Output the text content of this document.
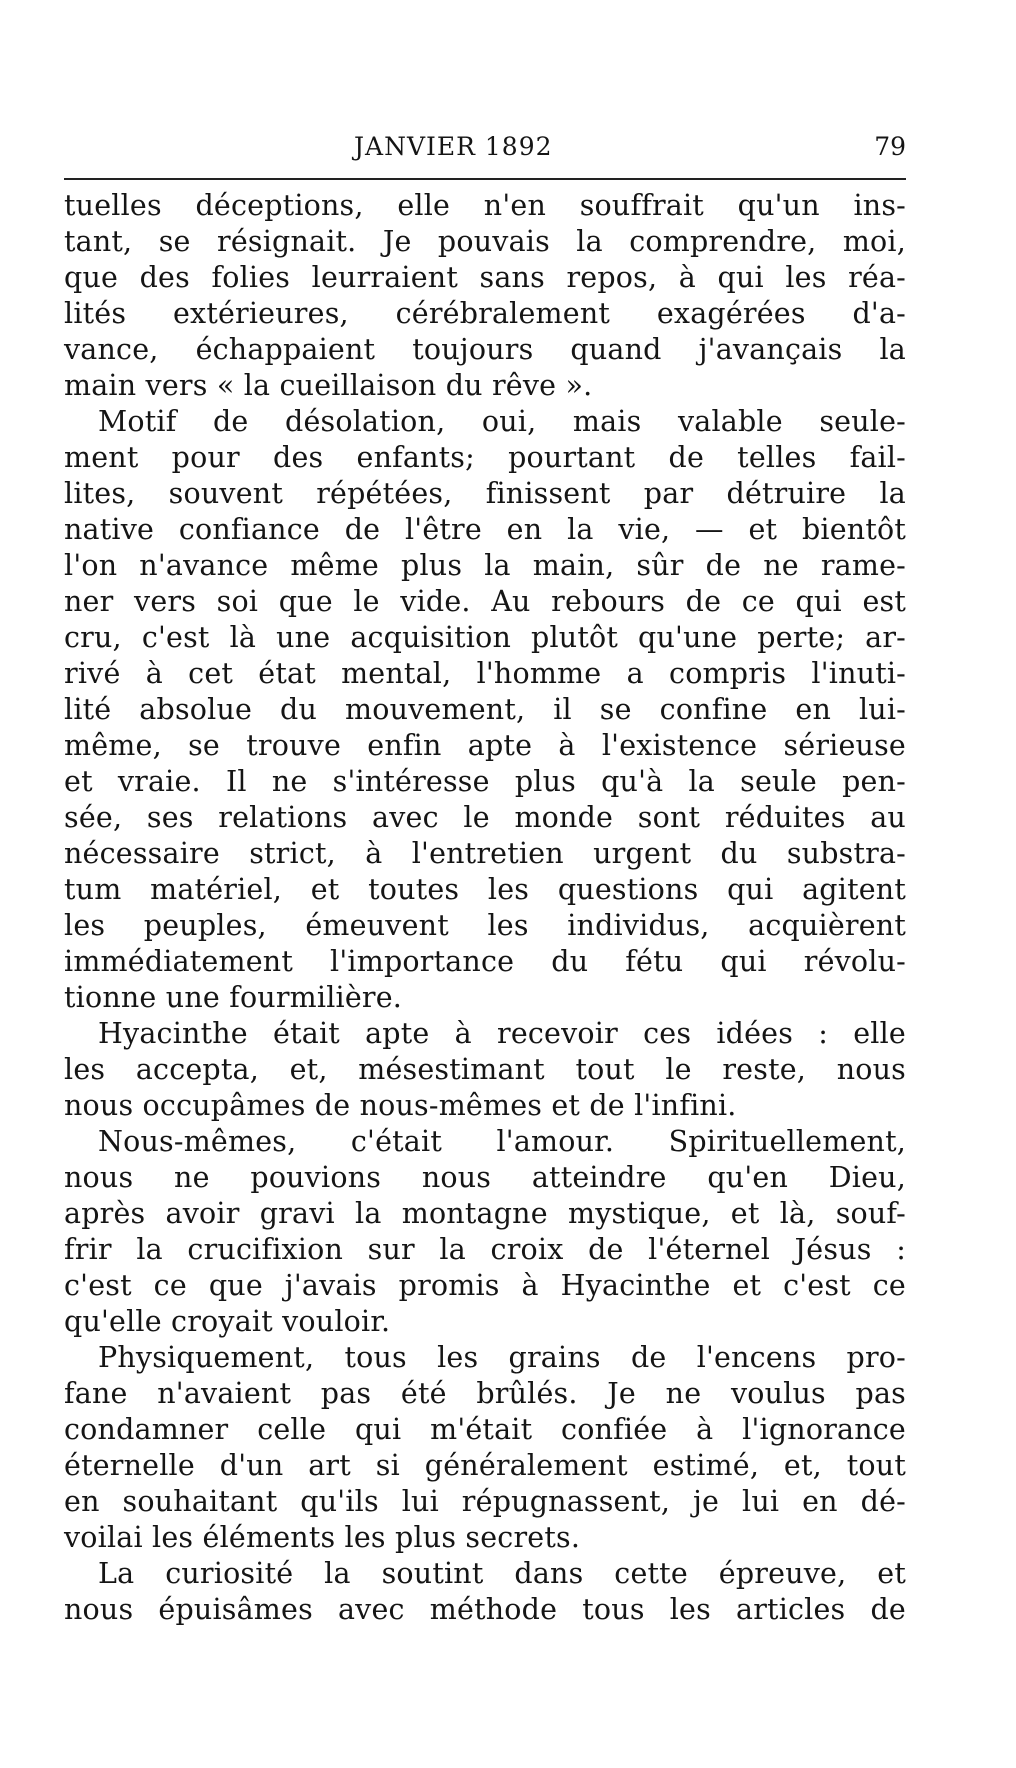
JANVIER 1892	79
tuelles déceptions, elle n'en souffrait qu'un ins-
tant, se résignait. Je pouvais la comprendre, moi,
que des folies leurraient sans repos, à qui les réa-
lités extérieures, cérébralement exagérées d'a-
vance, échappaient toujours quand j'avançais la
main vers « la cueillaison du rêve ».
Motif de désolation, oui, mais valable seule-
ment pour des enfants; pourtant de telles fail-
lites, souvent répétées, finissent par détruire la
native confiance de l'être en la vie, — et bientôt
l'on n'avance même plus la main, sûr de ne rame-
ner vers soi que le vide. Au rebours de ce qui est
cru, c'est là une acquisition plutôt qu'une perte; ar-
rivé à cet état mental, l'homme a compris l'inuti-
lité absolue du mouvement, il se confine en lui-
même, se trouve enfin apte à l'existence sérieuse
et vraie. Il ne s'intéresse plus qu'à la seule pen-
sée, ses relations avec le monde sont réduites au
nécessaire strict, à l'entretien urgent du substra-
tum matériel, et toutes les questions qui agitent
les peuples, émeuvent les individus, acquièrent
immédiatement l'importance du fétu qui révolu-
tionne une fourmilière.
Hyacinthe était apte à recevoir ces idées : elle
les accepta, et, mésestimant tout le reste, nous
nous occupâmes de nous-mêmes et de l'infini.
Nous-mêmes, c'était l'amour. Spirituellement,
nous ne pouvions nous atteindre qu'en Dieu,
après avoir gravi la montagne mystique, et là, souf-
frir la crucifixion sur la croix de l'éternel Jésus :
c'est ce que j'avais promis à Hyacinthe et c'est ce
qu'elle croyait vouloir.
Physiquement, tous les grains de l'encens pro-
fane n'avaient pas été brûlés. Je ne voulus pas
condamner celle qui m'était confiée à l'ignorance
éternelle d'un art si généralement estimé, et, tout
en souhaitant qu'ils lui répugnassent, je lui en dé-
voilai les éléments les plus secrets.
La curiosité la soutint dans cette épreuve, et
nous épuisâmes avec méthode tous les articles de
